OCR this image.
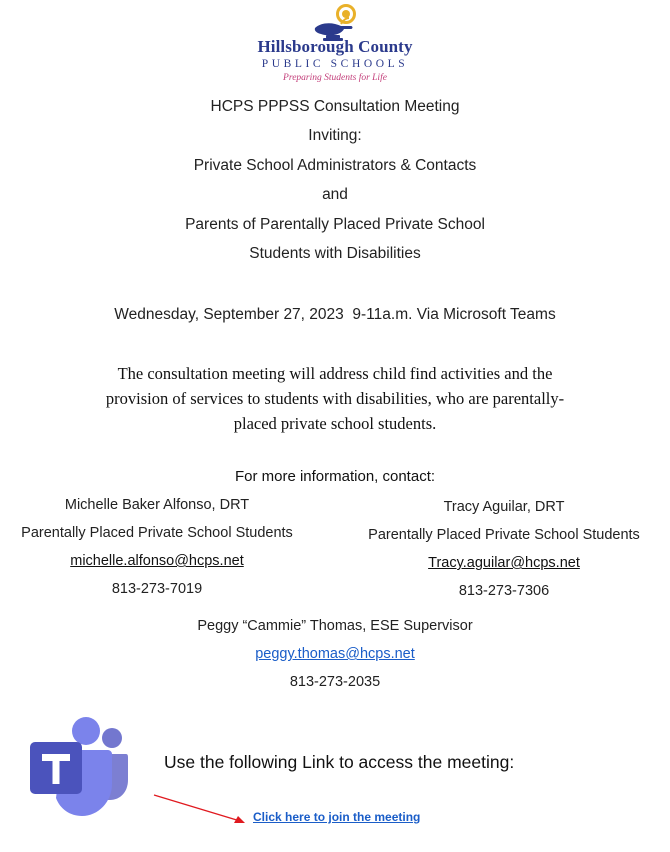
Hillsborough County
PUBLIC SCHOOLS
Preparing Students for Life
HCPS PPPSS Consultation Meeting
Inviting:
Private School Administrators & Contacts
and
Parents of Parentally Placed Private School
Students with Disabilities
Wednesday, September 27, 2023  9-11a.m. Via Microsoft Teams
The consultation meeting will address child find activities and the
provision of services to students with disabilities, who are parentally-
placed private school students.
For more information, contact:
Michelle Baker Alfonso, DRT
Parentally Placed Private School Students
michelle.alfonso@hcps.net
813-273-7019
Tracy Aguilar, DRT
Parentally Placed Private School Students
Tracy.aguilar@hcps.net
813-273-7306
Peggy “Cammie” Thomas, ESE Supervisor
peggy.thomas@hcps.net
813-273-2035
Use the following Link to access the meeting:
Click here to join the meeting
